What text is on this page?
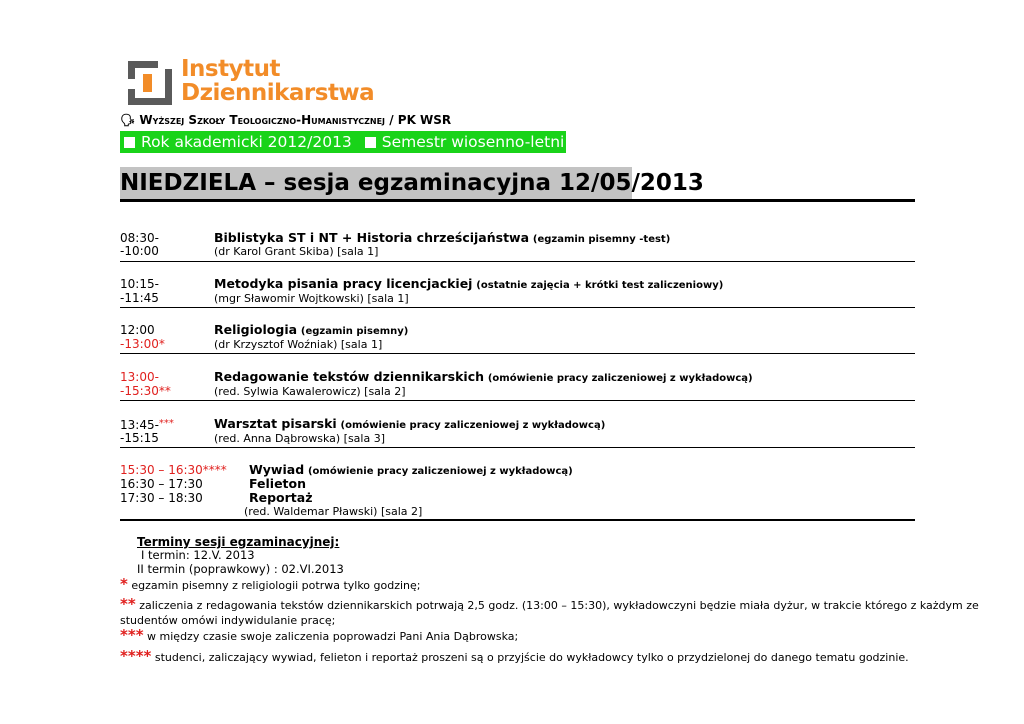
Instytut
Dziennikarstwa
🗣 Wyższej Szkoły Teologiczno-Humanistycznej / PK WSR
Rok akademicki 2012/2013 Semestr wiosenno-letni
NIEDZIELA – sesja egzaminacyjna 12/05/2013
08:30-
-10:00
Biblistyka ST i NT + Historia chrześcijaństwa (egzamin pisemny -test)
(dr Karol Grant Skiba) [sala 1]
10:15-
-11:45
Metodyka pisania pracy licencjackiej (ostatnie zajęcia + krótki test zaliczeniowy)
(mgr Sławomir Wojtkowski) [sala 1]
12:00
-13:00*
Religiologia (egzamin pisemny)
(dr Krzysztof Woźniak) [sala 1]
13:00-
-15:30**
Redagowanie tekstów dziennikarskich (omówienie pracy zaliczeniowej z wykładowcą)
(red. Sylwia Kawalerowicz) [sala 2]
13:45-***
-15:15
Warsztat pisarski (omówienie pracy zaliczeniowej z wykładowcą)
(red. Anna Dąbrowska) [sala 3]
15:30 – 16:30****
16:30 – 17:30
17:30 – 18:30
Wywiad (omówienie pracy zaliczeniowej z wykładowcą)
Felieton
Reportaż
(red. Waldemar Pławski) [sala 2]
Terminy sesji egzaminacyjnej:
I termin: 12.V. 2013
II termin (poprawkowy) : 02.VI.2013
* egzamin pisemny z religiologii potrwa tylko godzinę;
** zaliczenia z redagowania tekstów dziennikarskich potrwają 2,5 godz. (13:00 – 15:30), wykładowczyni będzie miała dyżur, w trakcie którego z każdym ze
studentów omówi indywidulanie pracę;
*** w między czasie swoje zaliczenia poprowadzi Pani Ania Dąbrowska;
**** studenci, zaliczający wywiad, felieton i reportaż proszeni są o przyjście do wykładowcy tylko o przydzielonej do danego tematu godzinie.
